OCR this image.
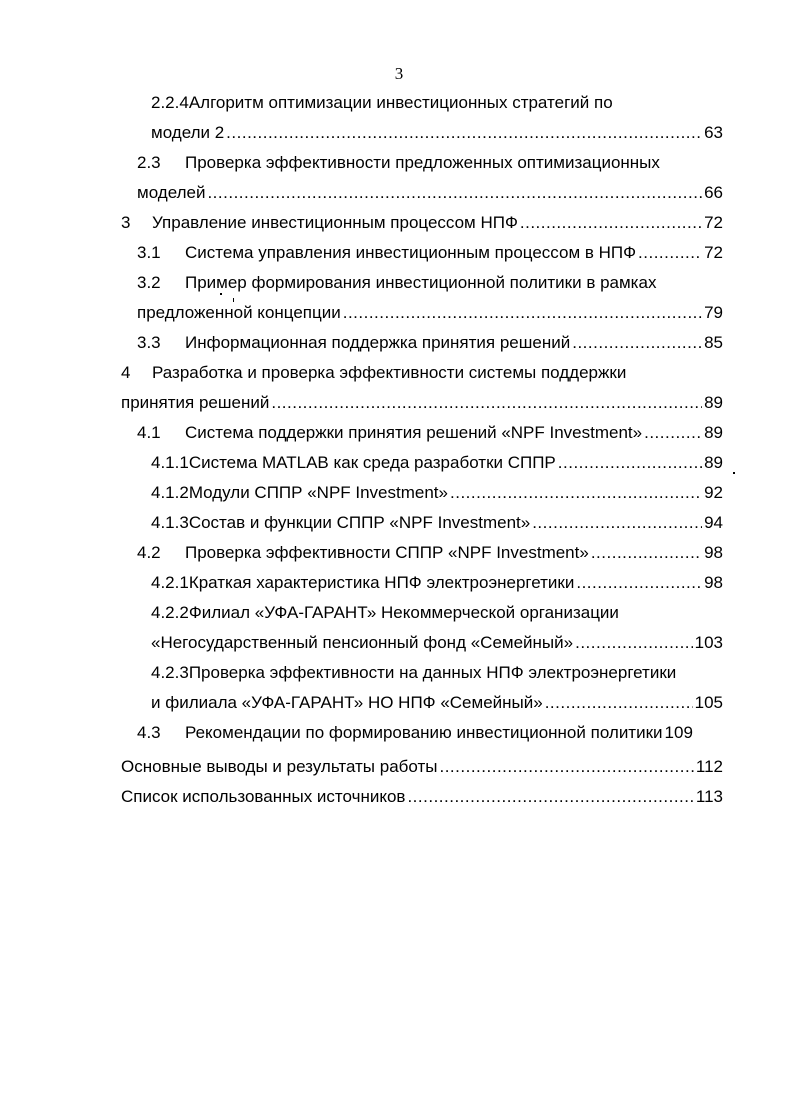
3
2.2.4 Алгоритм оптимизации инвестиционных стратегий по
модели 2 .....	63
2.3	Проверка эффективности предложенных оптимизационных
моделей .....	66
3	Управление инвестиционным процессом НПФ .....	72
3.1	Система управления инвестиционным процессом в НПФ .....	72
3.2	Пример формирования инвестиционной политики в рамках
предложенной концепции .....	79
3.3	Информационная поддержка принятия решений .....	85
4	Разработка и проверка эффективности системы поддержки
принятия решений .....	89
4.1	Система поддержки принятия решений «NPF Investment» .....	89
4.1.1 Система MATLAB как среда разработки СППР .....	89
4.1.2 Модули СППР «NPF Investment» .....	92
4.1.3 Состав и функции СППР «NPF Investment» .....	94
4.2	Проверка эффективности СППР «NPF Investment» .....	98
4.2.1 Краткая характеристика НПФ электроэнергетики .....	98
4.2.2 Филиал «УФА-ГАРАНТ» Некоммерческой организации
«Негосударственный пенсионный фонд «Семейный» .....	103
4.2.3 Проверка эффективности на данных НПФ электроэнергетики
и филиала «УФА-ГАРАНТ» НО НПФ «Семейный» .....	105
4.3	Рекомендации по формированию инвестиционной политики 109
Основные выводы и результаты работы .....	112
Список использованных источников .....	113
